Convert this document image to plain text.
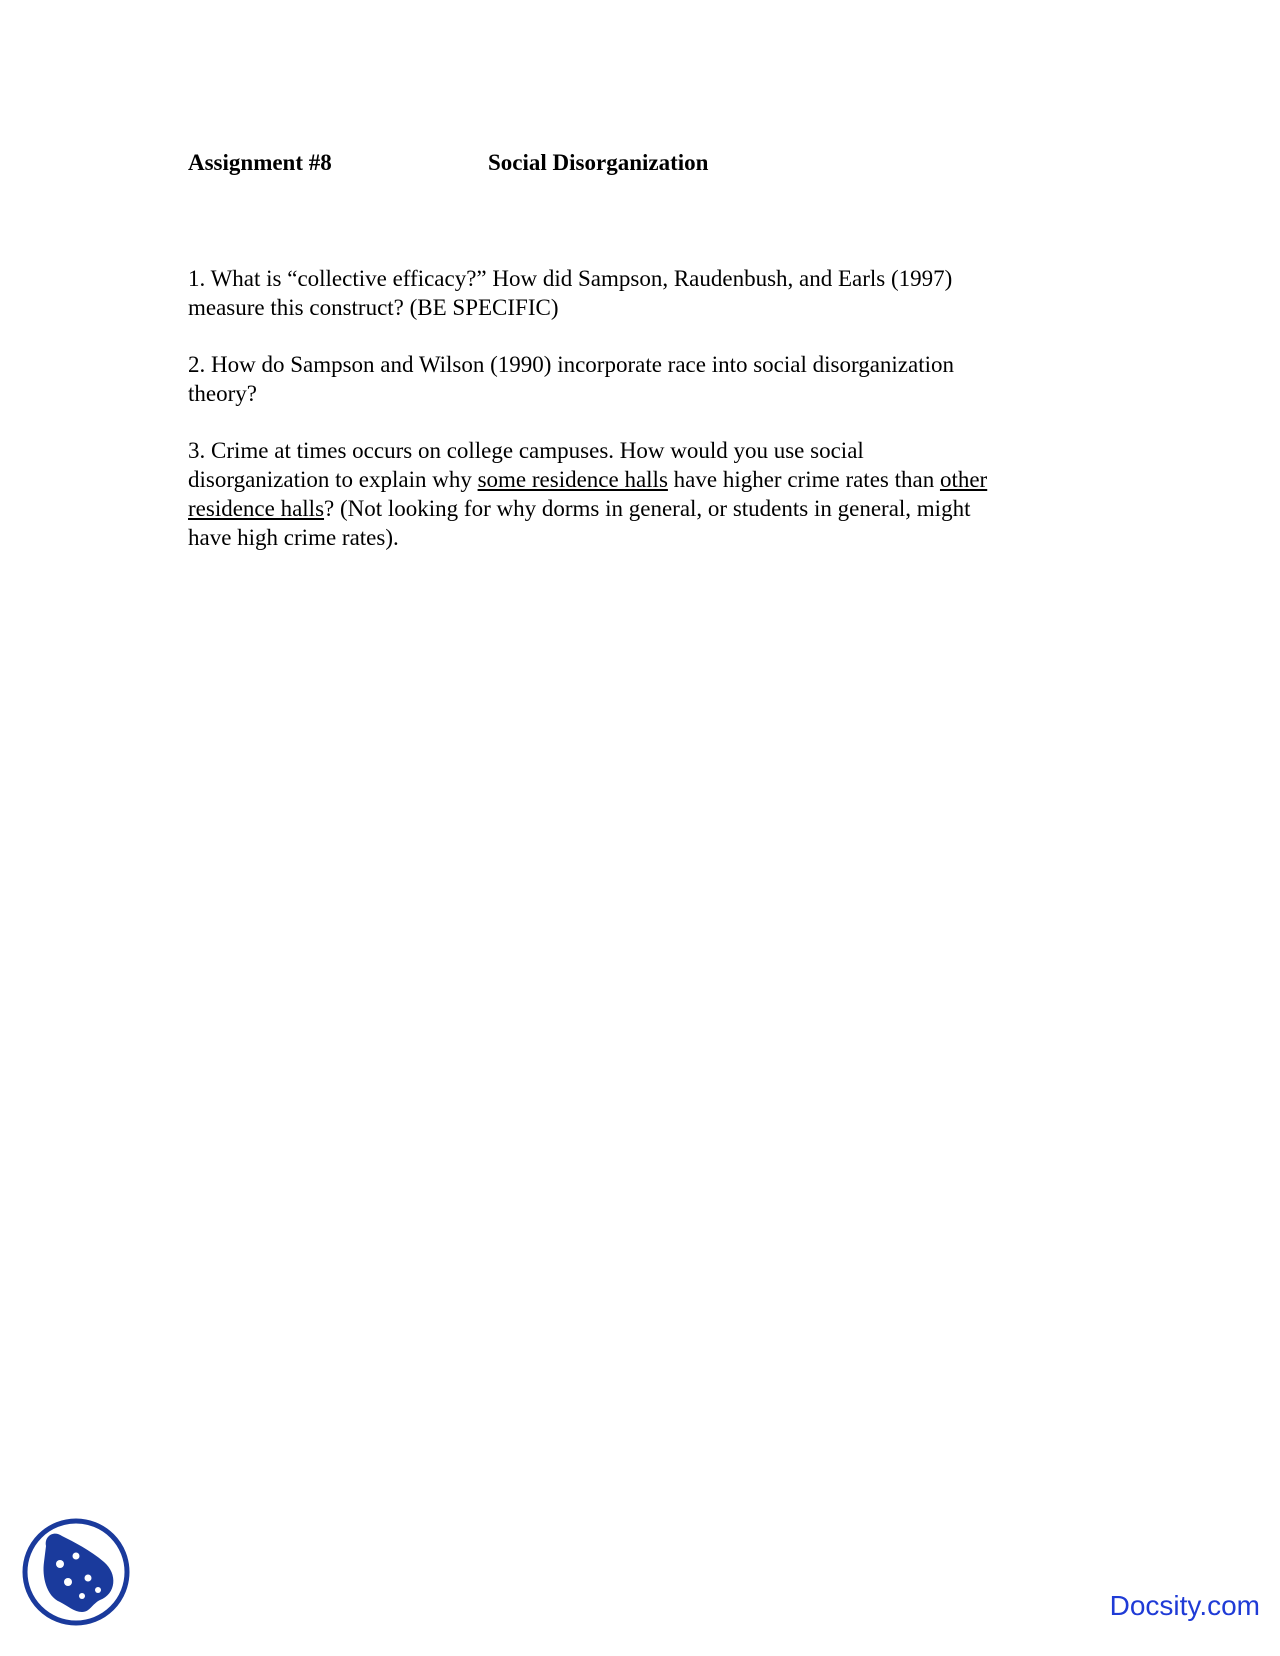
Assignment #8	Social Disorganization
1. What is “collective efficacy?” How did Sampson, Raudenbush, and Earls (1997)
measure this construct? (BE SPECIFIC)
2. How do Sampson and Wilson (1990) incorporate race into social disorganization
theory?
3. Crime at times occurs on college campuses. How would you use social
disorganization to explain why some residence halls have higher crime rates than other
residence halls? (Not looking for why dorms in general, or students in general, might
have high crime rates).
Docsity.com
